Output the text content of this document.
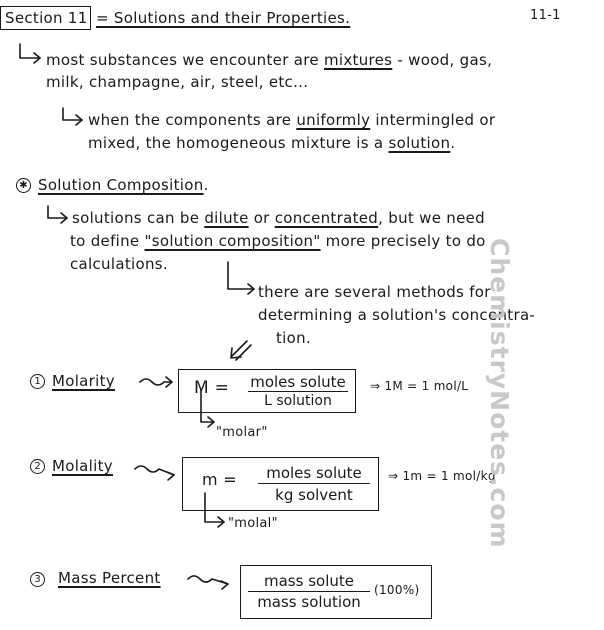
Section 11 = Solutions and their Properties.	11-1
most substances we encounter are mixtures - wood, gas,
milk, champagne, air, steel, etc...
when the components are uniformly intermingled or
mixed, the homogeneous mixture is a solution.
✱ Solution Composition.
solutions can be dilute or concentrated, but we need
to define "solution composition" more precisely to do
calculations.
there are several methods for
determining a solution's concentra-
tion.
1 Molarity	M = moles solute
L solution
⇒ 1M = 1 mol/L
"molar"
2 Molality
m =	moles solute
kg solvent
⇒ 1m = 1 mol/kg
"molal"
3 Mass Percent	mass solute
mass solution
(100%)
ChemistryNotes.com
